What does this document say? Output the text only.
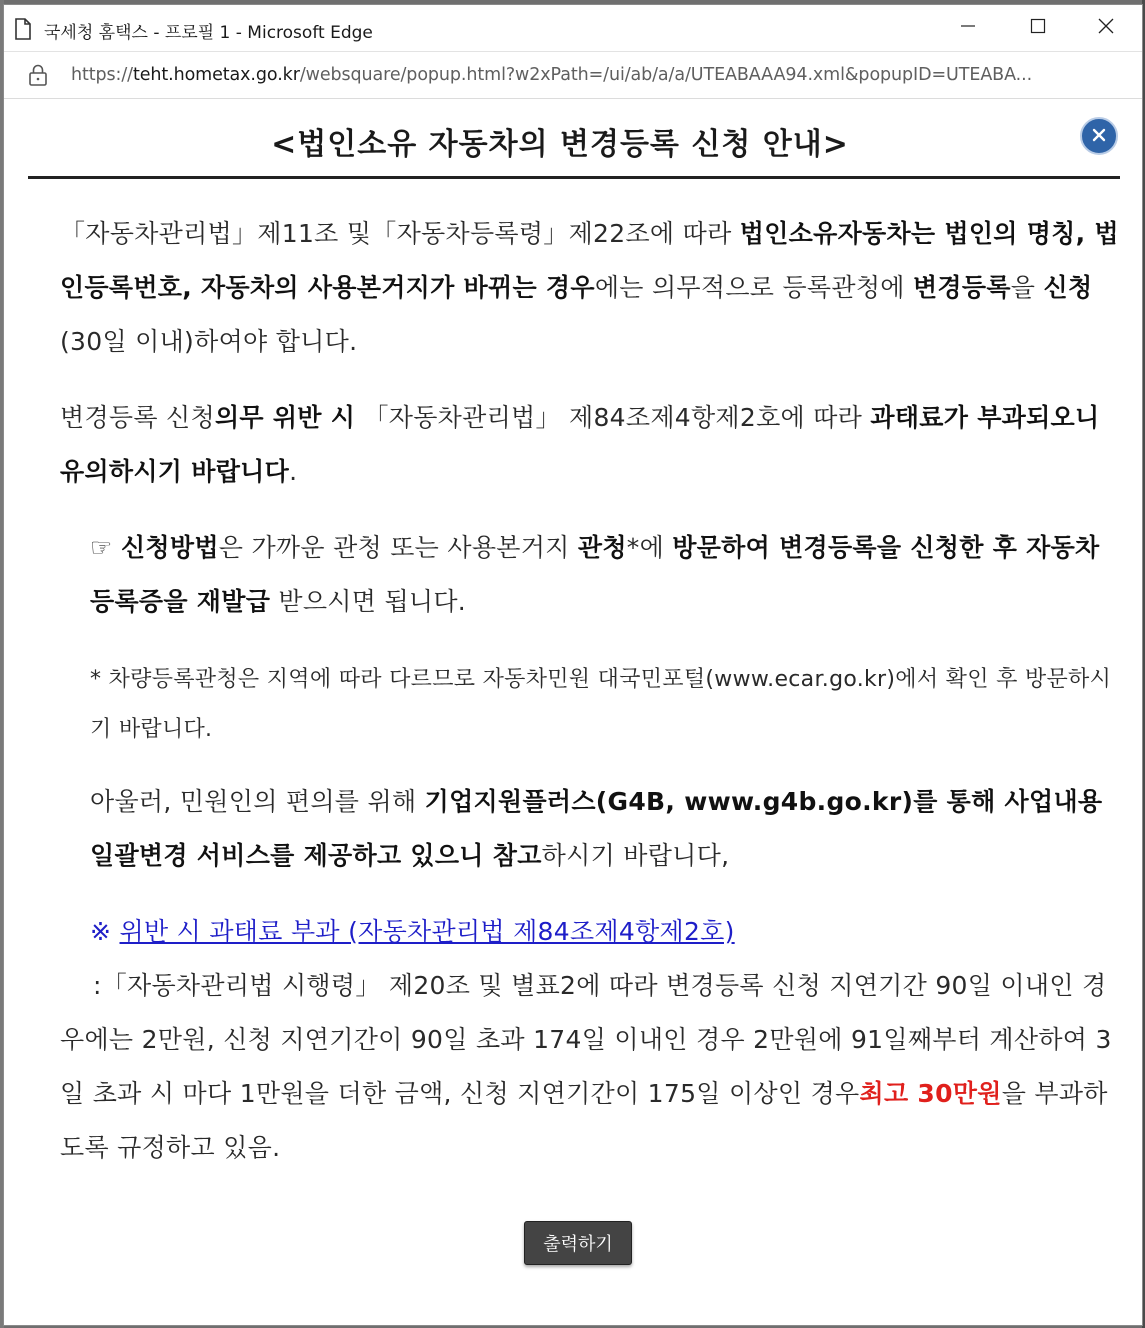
국세청 홈택스 - 프로필 1 - Microsoft Edge
https://teht.hometax.go.kr/websquare/popup.html?w2xPath=/ui/ab/a/a/UTEABAAA94.xml&popupID=UTEABA...
<법인소유 자동차의 변경등록 신청 안내>
「자동차관리법」제11조 및「자동차등록령」제22조에 따라 법인소유자동차는 법인의 명칭, 법인등록번호, 자동차의 사용본거지가 바뀌는 경우에는 의무적으로 등록관청에 변경등록을 신청(30일 이내)하여야 합니다.
변경등록 신청의무 위반 시 「자동차관리법」 제84조제4항제2호에 따라 과태료가 부과되오니 유의하시기 바랍니다.
☞ 신청방법은 가까운 관청 또는 사용본거지 관청*에 방문하여 변경등록을 신청한 후 자동차등록증을 재발급 받으시면 됩니다.
* 차량등록관청은 지역에 따라 다르므로 자동차민원 대국민포털(www.ecar.go.kr)에서 확인 후 방문하시기 바랍니다.
아울러, 민원인의 편의를 위해 기업지원플러스(G4B, www.g4b.go.kr)를 통해 사업내용 일괄변경 서비스를 제공하고 있으니 참고하시기 바랍니다,
※ 위반 시 과태료 부과 (자동차관리법 제84조제4항제2호)
:「자동차관리법 시행령」 제20조 및 별표2에 따라 변경등록 신청 지연기간 90일 이내인 경우에는 2만원, 신청 지연기간이 90일 초과 174일 이내인 경우 2만원에 91일째부터 계산하여 3일 초과 시 마다 1만원을 더한 금액, 신청 지연기간이 175일 이상인 경우최고 30만원을 부과하도록 규정하고 있음.
출력하기
